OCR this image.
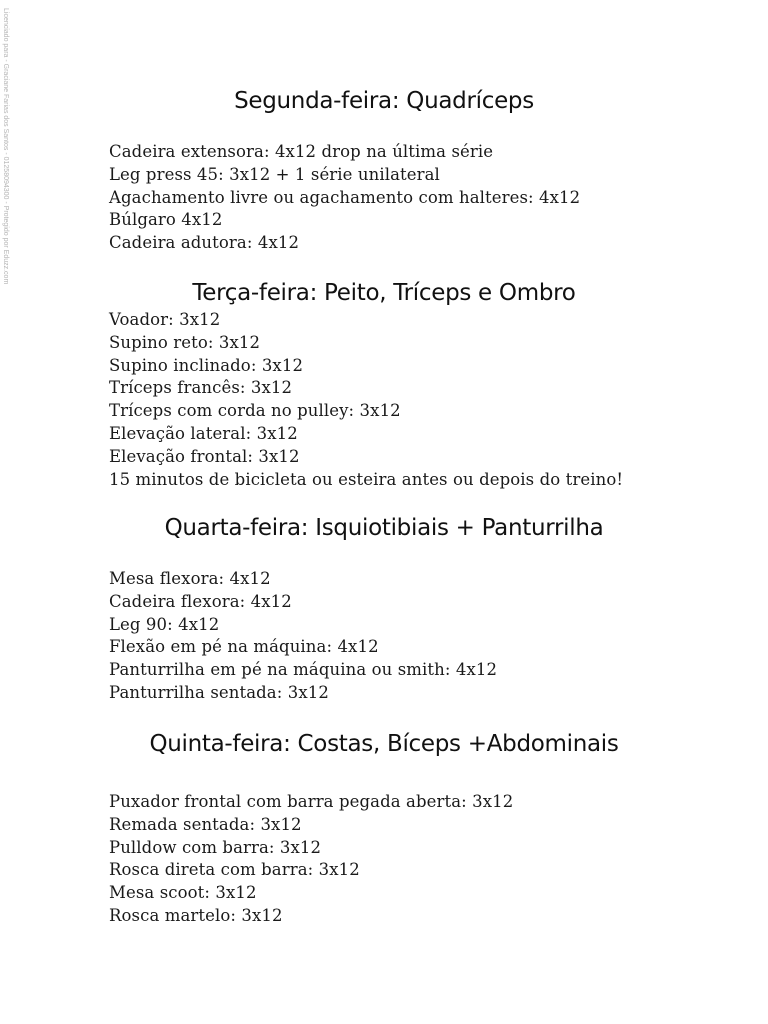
Licenciado para - Graciane Farias dos Santos - 01258094300 - Protegido por Eduzz.com	Segunda-feira: Quadríceps
Cadeira extensora: 4x12 drop na última série
Leg press 45: 3x12 + 1 série unilateral
Agachamento livre ou agachamento com halteres: 4x12
Búlgaro 4x12
Cadeira adutora: 4x12
Terça-feira: Peito, Tríceps e Ombro
Voador: 3x12
Supino reto: 3x12
Supino inclinado: 3x12
Tríceps francês: 3x12
Tríceps com corda no pulley: 3x12
Elevação lateral: 3x12
Elevação frontal: 3x12
15 minutos de bicicleta ou esteira antes ou depois do treino!
Quarta-feira: Isquiotibiais + Panturrilha
Mesa flexora: 4x12
Cadeira flexora: 4x12
Leg 90: 4x12
Flexão em pé na máquina: 4x12
Panturrilha em pé na máquina ou smith: 4x12
Panturrilha sentada: 3x12
Quinta-feira: Costas, Bíceps +Abdominais
Puxador frontal com barra pegada aberta: 3x12
Remada sentada: 3x12
Pulldow com barra: 3x12
Rosca direta com barra: 3x12
Mesa scoot: 3x12
Rosca martelo: 3x12
